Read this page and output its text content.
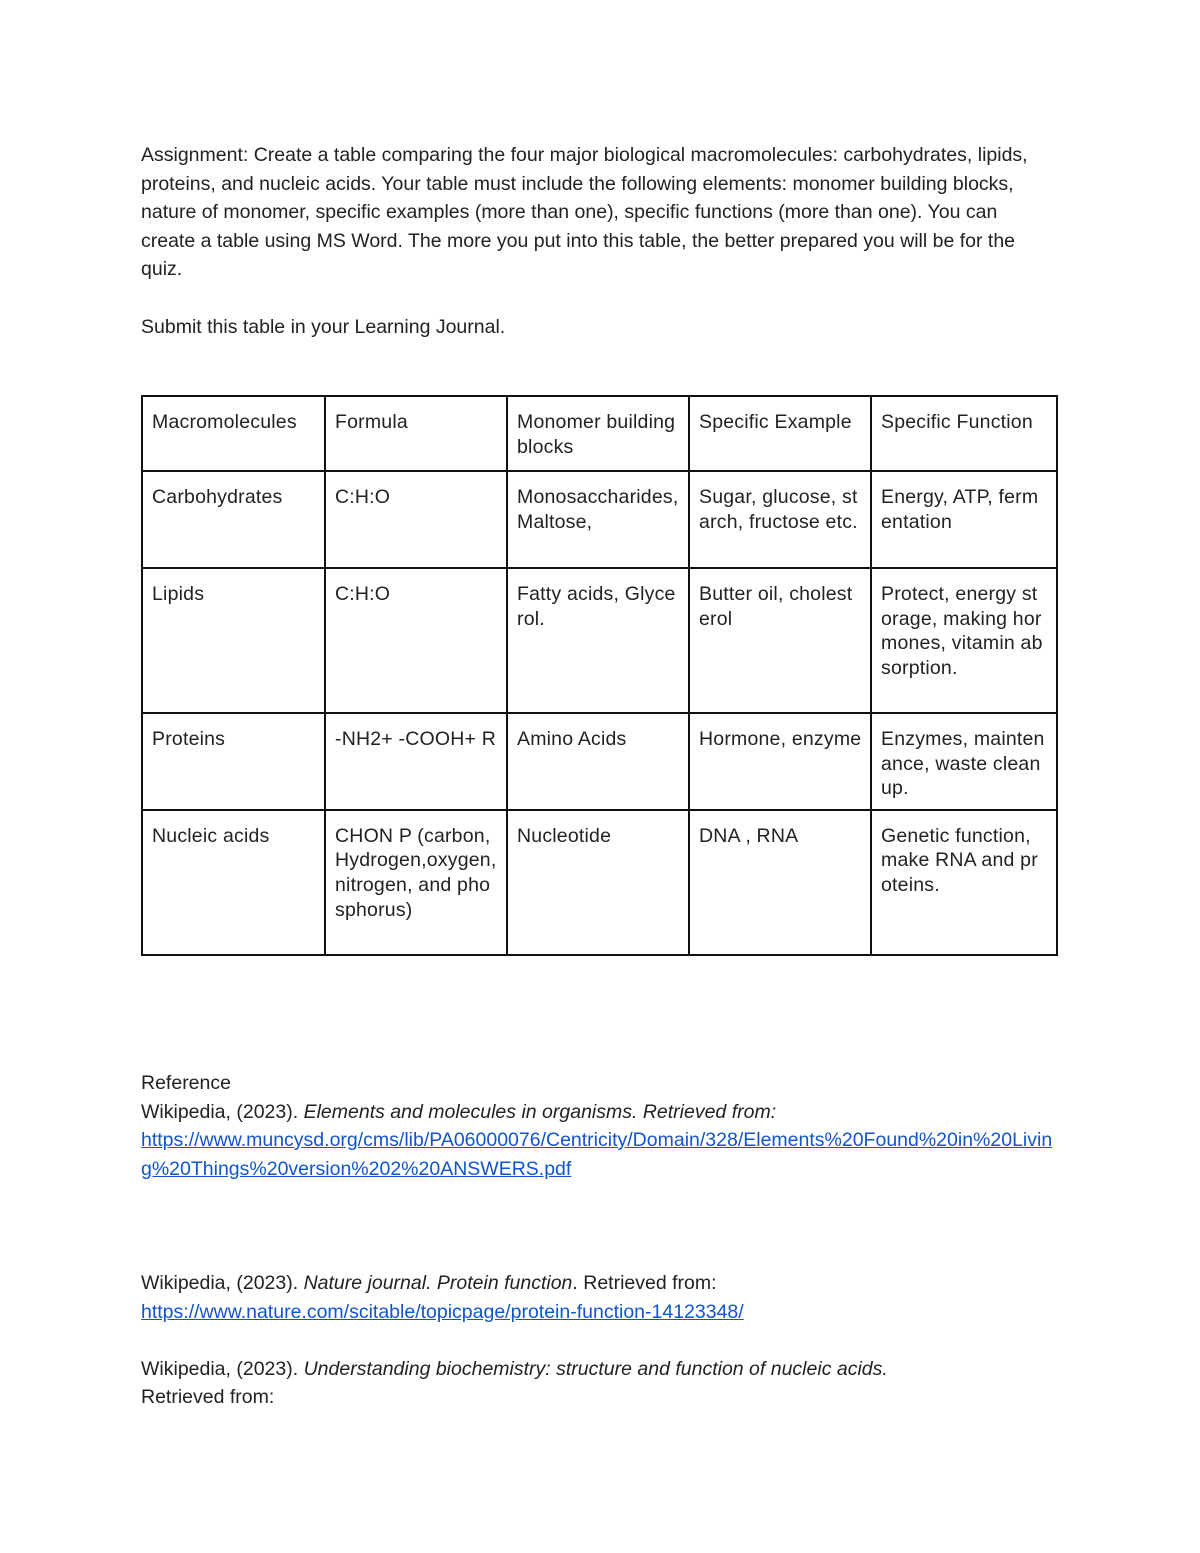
Assignment: Create a table comparing the four major biological macromolecules: carbohydrates, lipids, proteins, and nucleic acids. Your table must include the following elements: monomer building blocks, nature of monomer, specific examples (more than one), specific functions (more than one). You can create a table using MS Word. The more you put into this table, the better prepared you will be for the quiz.

Submit this table in your Learning Journal.

Macromolecules	Formula	Monomer building blocks	Specific Example	Specific Function
Carbohydrates	C:H:O	Monosaccharides, Maltose,	Sugar, glucose, starch, fructose etc.	Energy, ATP, fermentation
Lipids	C:H:O	Fatty acids, Glycerol.	Butter oil, cholesterol	Protect, energy storage, making hormones, vitamin absorption.
Proteins	-NH2+ -COOH+ R	Amino Acids	Hormone, enzyme	Enzymes, maintenance, waste cleanup.
Nucleic acids	CHON P (carbon, Hydrogen,oxygen, nitrogen, and phosphorus)	Nucleotide	DNA , RNA	Genetic function, make RNA and proteins.

Reference

Wikipedia, (2023). Elements and molecules in organisms. Retrieved from:

https://www.muncysd.org/cms/lib/PA06000076/Centricity/Domain/328/Elements%20Found%20in%20Living%20Things%20version%202%20ANSWERS.pdf

Wikipedia, (2023). Nature journal. Protein function. Retrieved from:

https://www.nature.com/scitable/topicpage/protein-function-14123348/

Wikipedia, (2023). Understanding biochemistry: structure and function of nucleic acids.

Retrieved from:
